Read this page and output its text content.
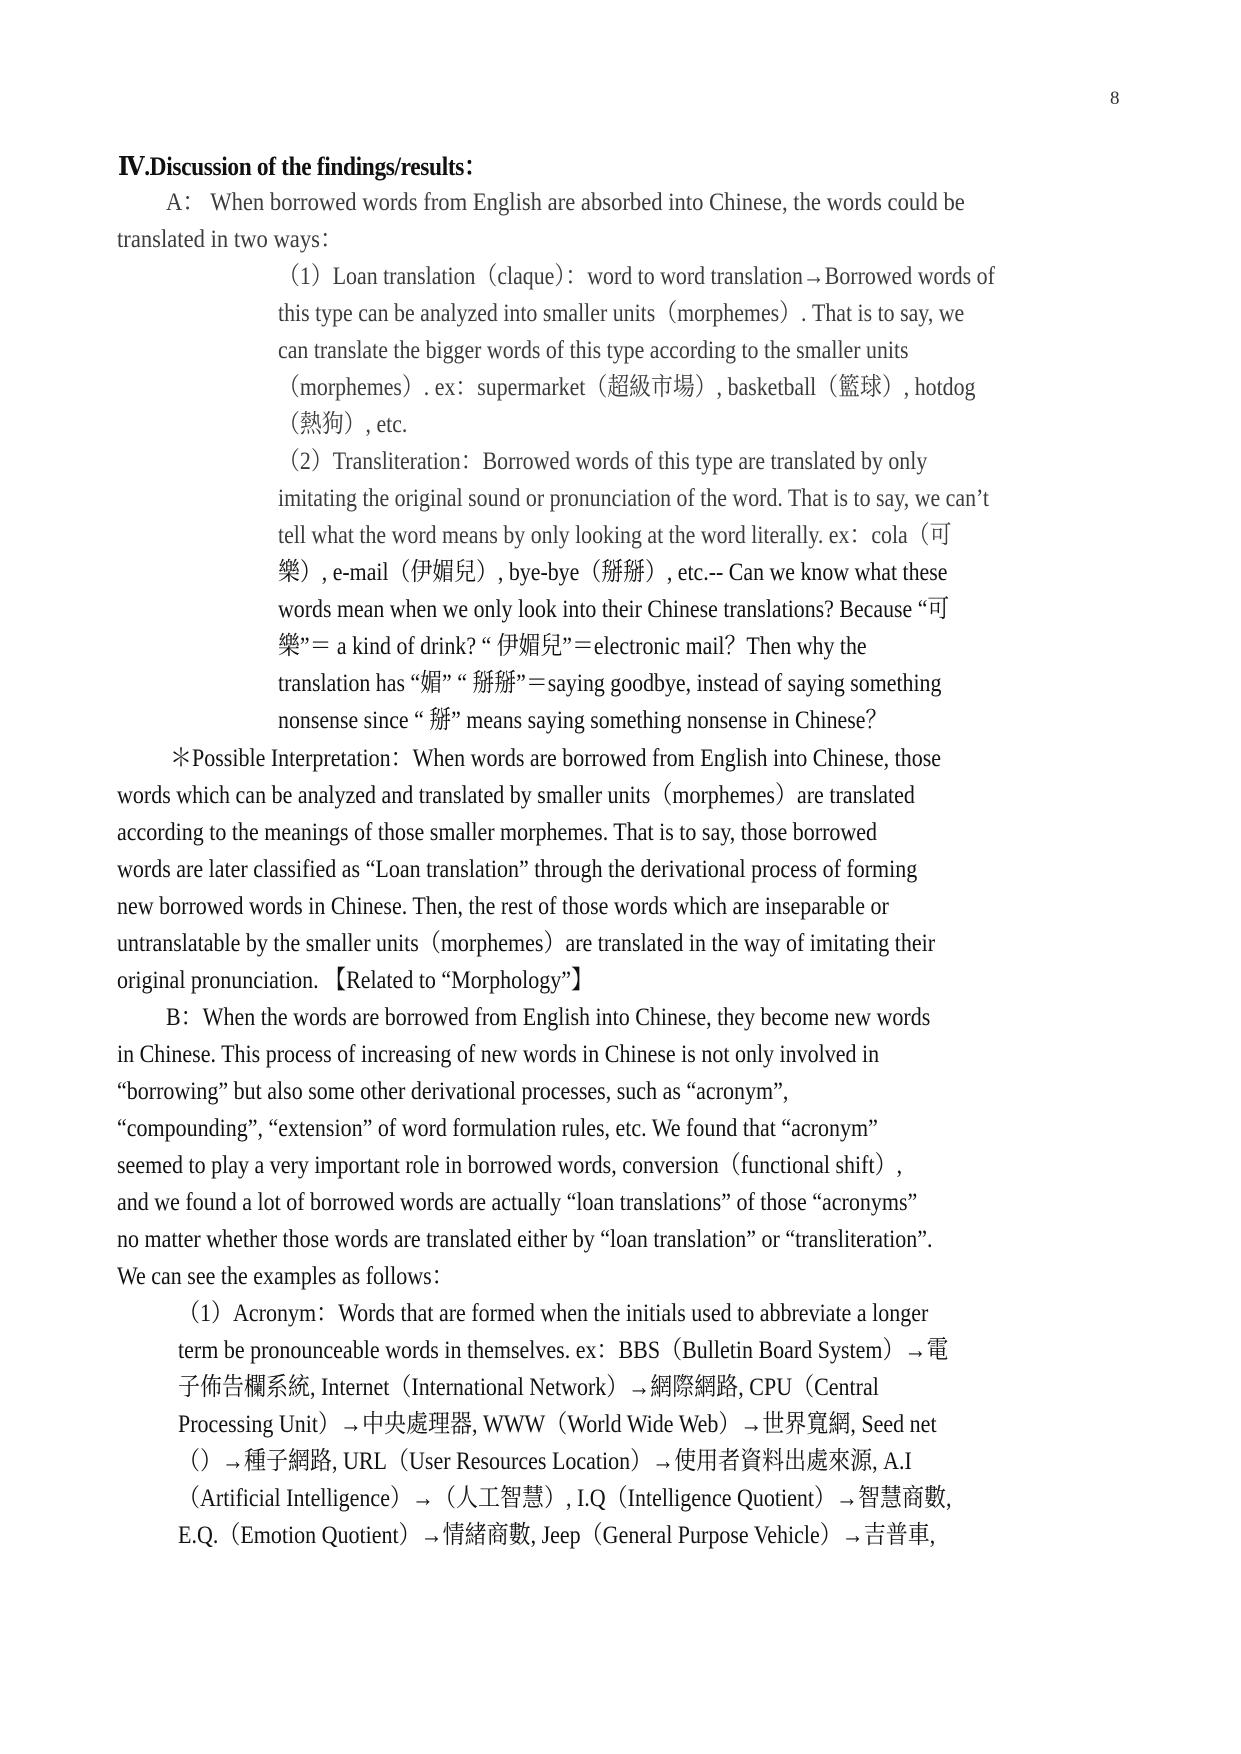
8
Ⅳ.Discussion of the findings/results：
A： When borrowed words from English are absorbed into Chinese, the words could be
translated in two ways：
（1）Loan translation（claque）：word to word translation→Borrowed words of
this type can be analyzed into smaller units（morphemes）. That is to say, we
can translate the bigger words of this type according to the smaller units
（morphemes）. ex：supermarket（超級市場）, basketball（籃球）, hotdog
（熱狗）, etc.
（2）Transliteration：Borrowed words of this type are translated by only
imitating the original sound or pronunciation of the word. That is to say, we can’t
tell what the word means by only looking at the word literally. ex：cola（可
樂）, e-mail（伊媚兒）, bye-bye（掰掰）, etc.-- Can we know what these
words mean when we only look into their Chinese translations? Because “可
樂”＝ a kind of drink? “ 伊媚兒”＝electronic mail？Then why the
translation has “媚” “ 掰掰”＝saying goodbye, instead of saying something
nonsense since “ 掰” means saying something nonsense in Chinese？
＊Possible Interpretation：When words are borrowed from English into Chinese, those
words which can be analyzed and translated by smaller units（morphemes）are translated
according to the meanings of those smaller morphemes. That is to say, those borrowed
words are later classified as “Loan translation” through the derivational process of forming
new borrowed words in Chinese. Then, the rest of those words which are inseparable or
untranslatable by the smaller units（morphemes）are translated in the way of imitating their
original pronunciation. 【Related to “Morphology”】
B：When the words are borrowed from English into Chinese, they become new words
in Chinese. This process of increasing of new words in Chinese is not only involved in
“borrowing” but also some other derivational processes, such as “acronym”,
“compounding”, “extension” of word formulation rules, etc. We found that “acronym”
seemed to play a very important role in borrowed words, conversion（functional shift）,
and we found a lot of borrowed words are actually “loan translations” of those “acronyms”
no matter whether those words are translated either by “loan translation” or “transliteration”.
We can see the examples as follows：
（1）Acronym：Words that are formed when the initials used to abbreviate a longer
term be pronounceable words in themselves. ex：BBS（Bulletin Board System）→電
子佈告欄系統, Internet（International Network）→網際網路, CPU（Central
Processing Unit）→中央處理器, WWW（World Wide Web）→世界寬網, Seed net
（）→種子網路, URL（User Resources Location）→使用者資料出處來源, A.I
（Artificial Intelligence）→（人工智慧）, I.Q（Intelligence Quotient）→智慧商數,
E.Q.（Emotion Quotient）→情緒商數, Jeep（General Purpose Vehicle）→吉普車,
